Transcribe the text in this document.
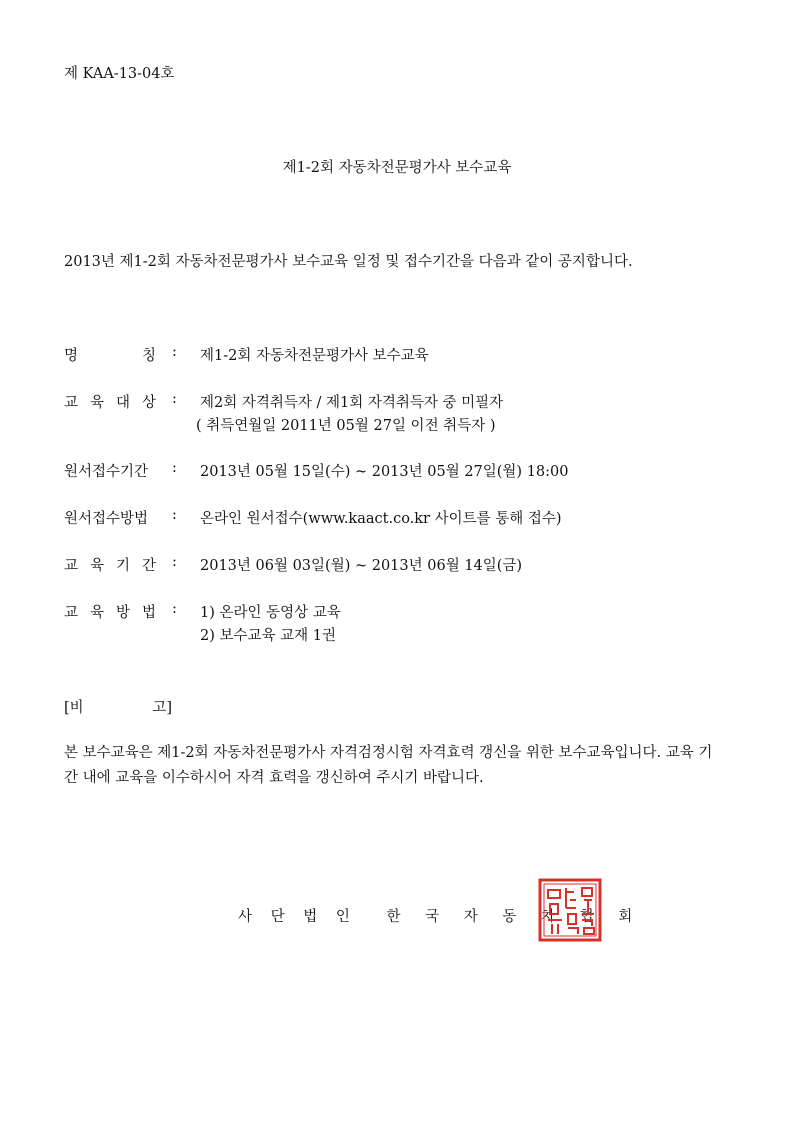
제 KAA-13-04호
제1-2회 자동차전문평가사 보수교육
2013년 제1-2회 자동차전문평가사 보수교육 일정 및 접수기간을 다음과 같이 공지합니다.
명	칭 : 제1-2회 자동차전문평가사 보수교육
교 육 대 상 : 제2회 자격취득자 / 제1회 자격취득자 중 미필자
( 취득연월일 2011년 05월 27일 이전 취득자 )
원서접수기간 : 2013년 05월 15일(수) ~ 2013년 05월 27일(월) 18:00
원서접수방법 : 온라인 원서접수(www.kaact.co.kr 사이트를 통해 접수)
교 육 기 간 : 2013년 06월 03일(월) ~ 2013년 06월 14일(금)
교 육 방 법 : 1) 온라인 동영상 교육
2) 보수교육 교재 1권
[비	고]
본 보수교육은 제1-2회 자동차전문평가사 자격검정시험 자격효력 갱신을 위한 보수교육입니다. 교육 기간 내에 교육을 이수하시어 자격 효력을 갱신하여 주시기 바랍니다.
사 단 법 인	한 국 자 동 차 협 회
